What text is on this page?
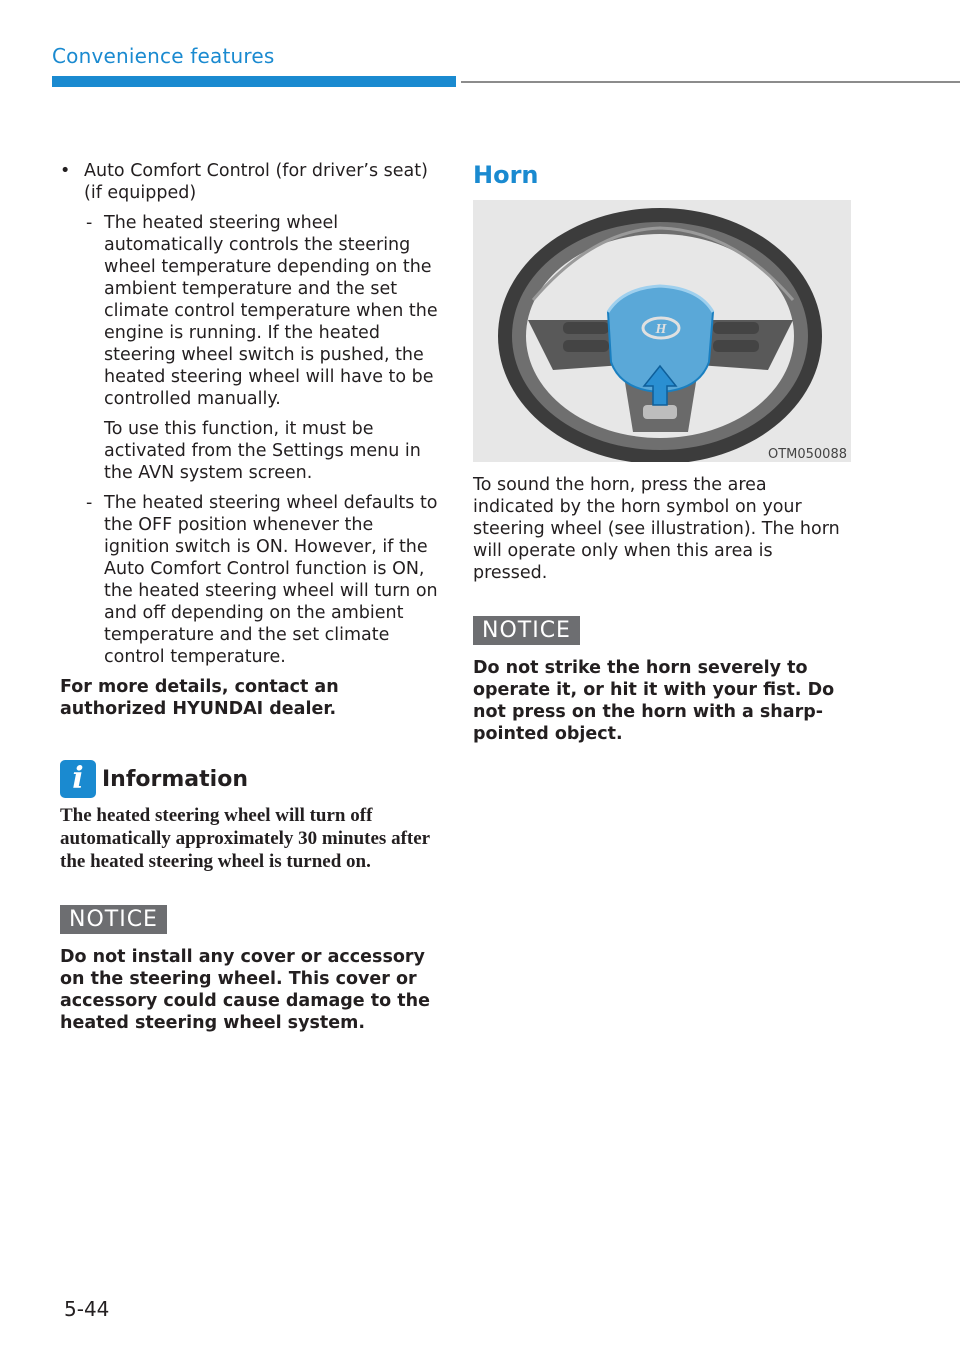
Convenience features
• Auto Comfort Control (for driver’s seat) (if equipped)
- The heated steering wheel automatically controls the steering wheel temperature depending on the ambient temperature and the set climate control temperature when the engine is running. If the heated steering wheel switch is pushed, the heated steering wheel will have to be controlled manually.

To use this function, it must be activated from the Settings menu in the AVN system screen.

- The heated steering wheel defaults to the OFF position whenever the ignition switch is ON. However, if the Auto Comfort Control function is ON, the heated steering wheel will turn on and off depending on the ambient temperature and the set climate control temperature.

For more details, contact an authorized HYUNDAI dealer.
i Information
The heated steering wheel will turn off automatically approximately 30 minutes after the heated steering wheel is turned on.
NOTICE
Do not install any cover or accessory on the steering wheel. This cover or accessory could cause damage to the heated steering wheel system.
Horn
H
OTM050088
To sound the horn, press the area indicated by the horn symbol on your steering wheel (see illustration). The horn will operate only when this area is pressed.
NOTICE
Do not strike the horn severely to operate it, or hit it with your fist. Do not press on the horn with a sharp-pointed object.
5-44
